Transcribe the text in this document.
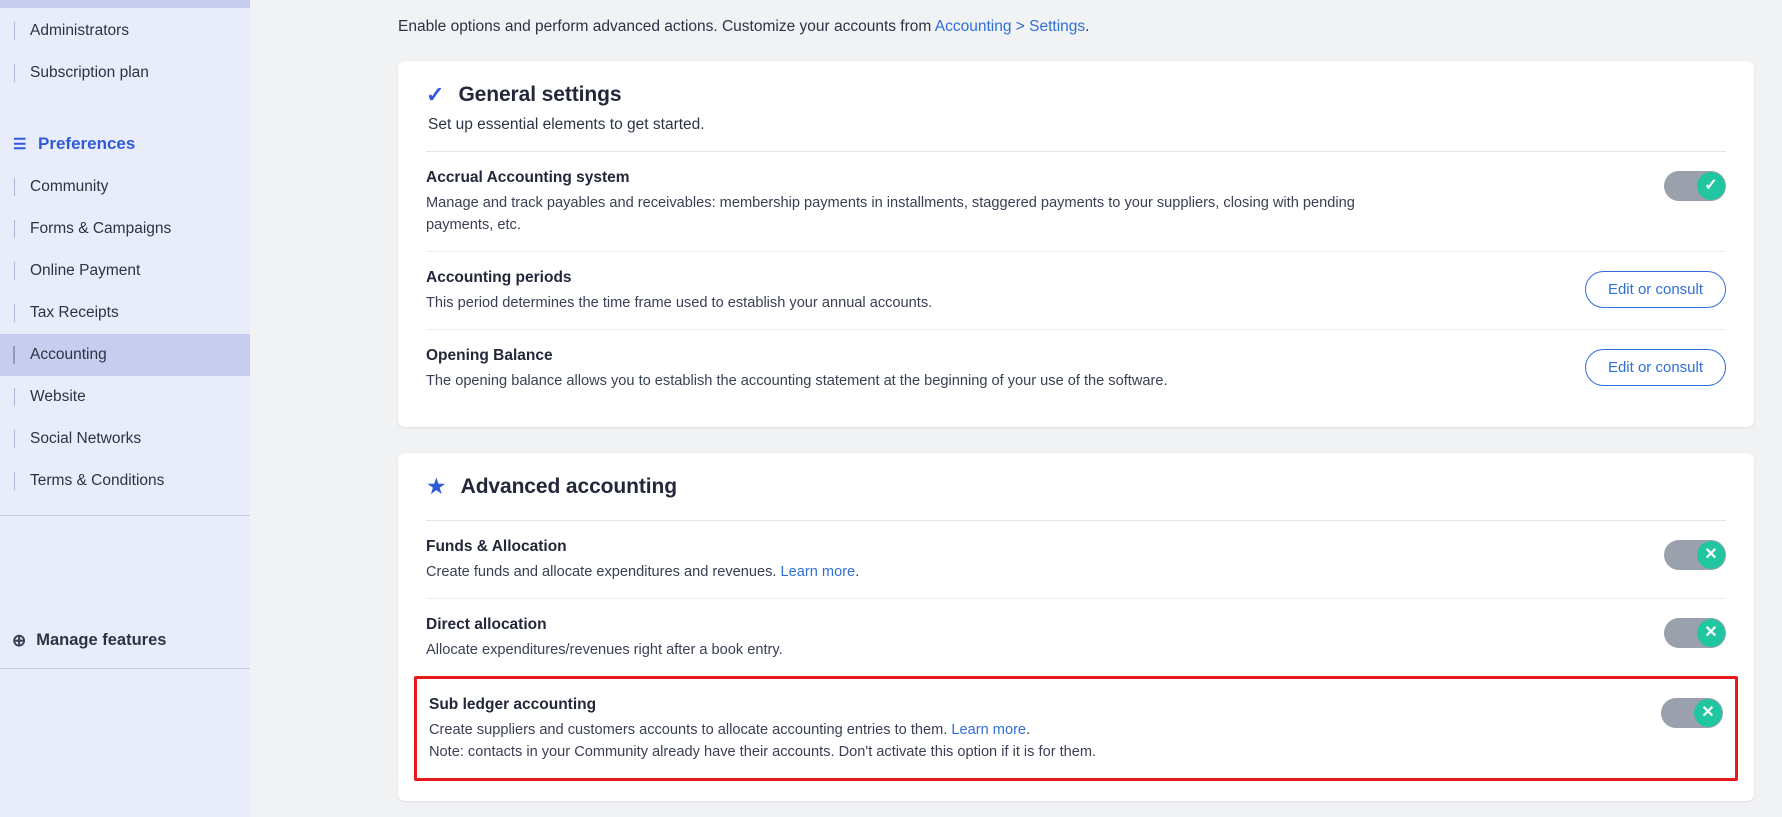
Administrators
Subscription plan
☰ Preferences
Community
Forms & Campaigns
Online Payment
Tax Receipts
Accounting
Website
Social Networks
Terms & Conditions
⊕ Manage features

Enable options and perform advanced actions. Customize your accounts from Accounting > Settings.

✓ General settings
Set up essential elements to get started.
Accrual Accounting system
Manage and track payables and receivables: membership payments in installments, staggered payments to your suppliers, closing with pending payments, etc.
✓
Accounting periods
This period determines the time frame used to establish your annual accounts.
Edit or consult
Opening Balance
The opening balance allows you to establish the accounting statement at the beginning of your use of the software.
Edit or consult
★ Advanced accounting
Funds & Allocation
Create funds and allocate expenditures and revenues. Learn more.
✕
Direct allocation
Allocate expenditures/revenues right after a book entry.
✕
Sub ledger accounting
Create suppliers and customers accounts to allocate accounting entries to them. Learn more.
Note: contacts in your Community already have their accounts. Don't activate this option if it is for them.
✕
